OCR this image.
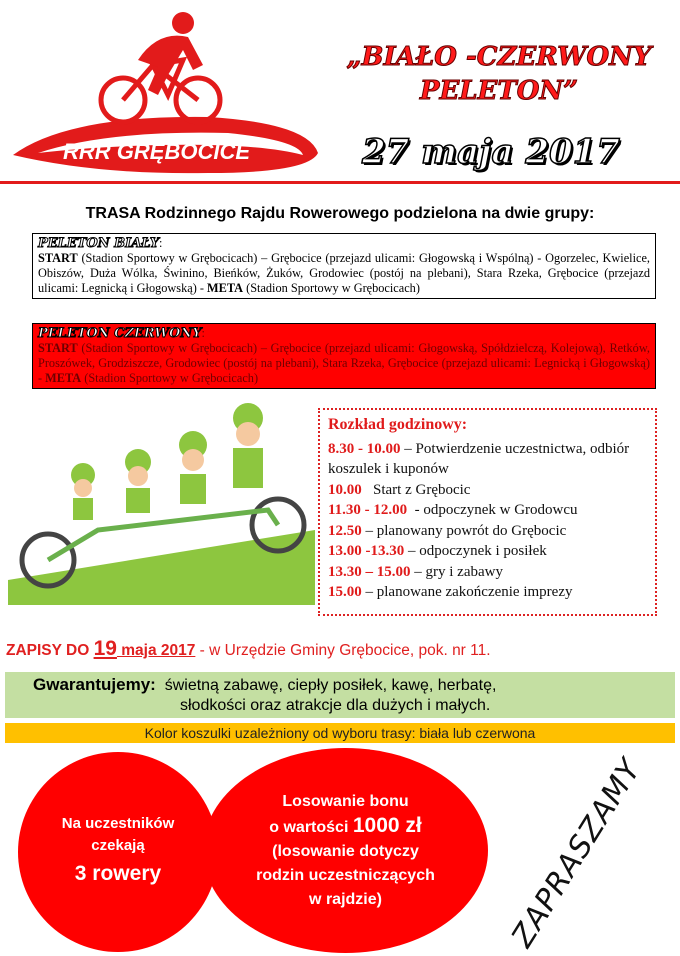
RRR GRĘBOCICE
„BIAŁO -CZERWONY
PELETON”
27 maja 2017
TRASA Rodzinnego Rajdu Rowerowego podzielona na dwie grupy:
PELETON BIAŁY:
START (Stadion Sportowy w Grębocicach) – Grębocice (przejazd ulicami: Głogowską i Wspólną) - Ogorzelec, Kwielice, Obiszów, Duża Wólka, Świnino, Bieńków, Żuków, Grodowiec (postój na plebani), Stara Rzeka, Grębocice (przejazd ulicami: Legnicką i Głogowską) - META (Stadion Sportowy w Grębocicach)
PELETON CZERWONY:
START (Stadion Sportowy w Grębocicach) – Grębocice (przejazd ulicami: Głogowską, Spółdzielczą, Kolejową), Retków, Proszówek, Grodziszcze, Grodowiec (postój na plebani), Stara Rzeka, Grębocice (przejazd ulicami: Legnicką i Głogowską) - META (Stadion Sportowy w Grębocicach)
Rozkład godzinowy:
8.30 - 10.00 – Potwierdzenie uczestnictwa, odbiór koszulek i kuponów
10.00   Start z Grębocic
11.30 - 12.00  - odpoczynek w Grodowcu
12.50 – planowany powrót do Grębocic
13.00 -13.30 – odpoczynek i posiłek
13.30 – 15.00 – gry i zabawy
15.00 – planowane zakończenie imprezy
ZAPISY DO 19 maja 2017 - w Urzędzie Gminy Grębocice, pok. nr 11.
Gwarantujemy: świetną zabawę, ciepły posiłek, kawę, herbatę,
słodkości oraz atrakcje dla dużych i małych.
Kolor koszulki uzależniony od wyboru trasy: biała lub czerwona
Na uczestników
czekają
3 rowery
Losowanie bonu
o wartości 1000 zł
(losowanie dotyczy
rodzin uczestniczących
w rajdzie)	ZAPRASZAMY
